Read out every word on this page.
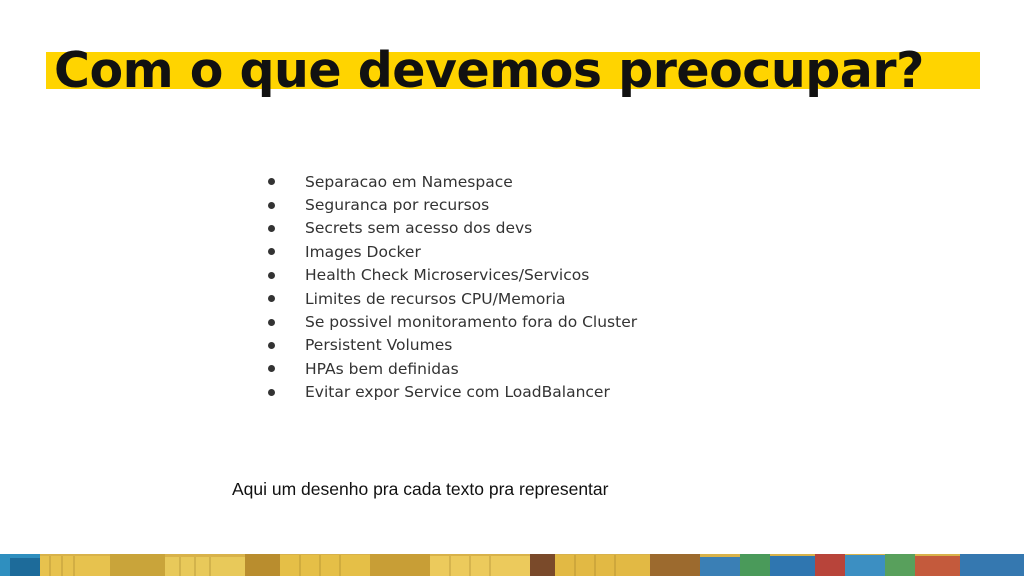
Com o que devemos preocupar?
Separacao em Namespace
Seguranca por recursos
Secrets sem acesso dos devs
Images Docker
Health Check Microservices/Servicos
Limites de recursos CPU/Memoria
Se possivel monitoramento fora do Cluster
Persistent Volumes
HPAs bem definidas
Evitar expor Service com LoadBalancer

Aqui um desenho pra cada texto pra representar
